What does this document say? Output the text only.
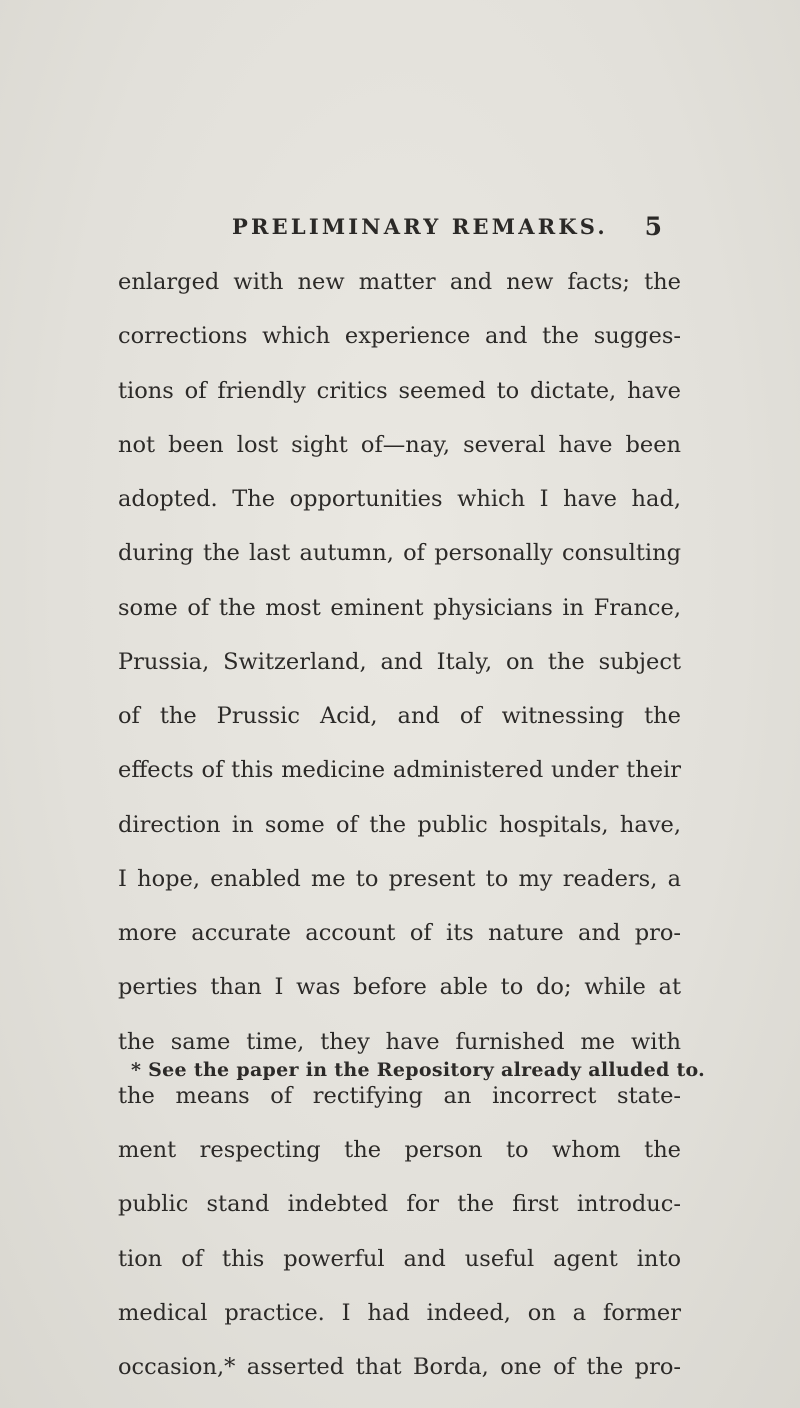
PRELIMINARY REMARKS. 5
enlarged with new matter and new facts; the
corrections which experience and the sugges-
tions of friendly critics seemed to dictate, have
not been lost sight of—nay, several have been
adopted. The opportunities which I have had,
during the last autumn, of personally consulting
some of the most eminent physicians in France,
Prussia, Switzerland, and Italy, on the subject
of the Prussic Acid, and of witnessing the
effects of this medicine administered under their
direction in some of the public hospitals, have,
I hope, enabled me to present to my readers, a
more accurate account of its nature and pro-
perties than I was before able to do; while at
the same time, they have furnished me with
the means of rectifying an incorrect state-
ment respecting the person to whom the
public stand indebted for the first introduc-
tion of this powerful and useful agent into
medical practice. I had indeed, on a former
occasion,* asserted that Borda, one of the pro-
* See the paper in the Repository already alluded to.
